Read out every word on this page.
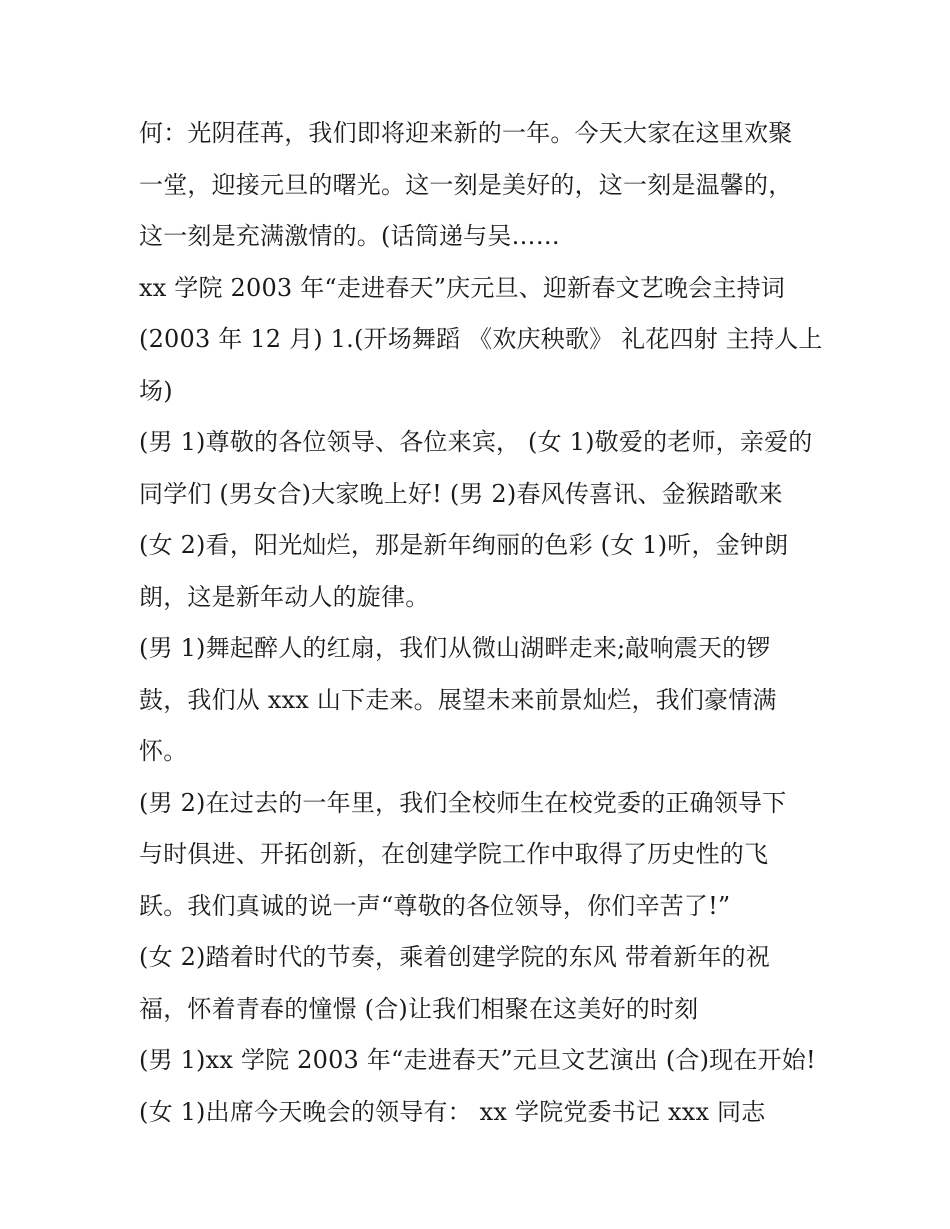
何：光阴荏苒，我们即将迎来新的一年。今天大家在这里欢聚
一堂，迎接元旦的曙光。这一刻是美好的，这一刻是温馨的，
这一刻是充满激情的。(话筒递与吴……
xx 学院 2003 年“走进春天”庆元旦、迎新春文艺晚会主持词
(2003 年 12 月) 1.(开场舞蹈 《欢庆秧歌》 礼花四射 主持人上
场)
(男 1)尊敬的各位领导、各位来宾， (女 1)敬爱的老师，亲爱的
同学们 (男女合)大家晚上好! (男 2)春风传喜讯、金猴踏歌来
(女 2)看，阳光灿烂，那是新年绚丽的色彩 (女 1)听，金钟朗
朗，这是新年动人的旋律。
(男 1)舞起醉人的红扇，我们从微山湖畔走来;敲响震天的锣
鼓，我们从 xxx 山下走来。展望未来前景灿烂，我们豪情满
怀。
(男 2)在过去的一年里，我们全校师生在校党委的正确领导下
与时俱进、开拓创新，在创建学院工作中取得了历史性的飞
跃。我们真诚的说一声“尊敬的各位领导，你们辛苦了!”
(女 2)踏着时代的节奏，乘着创建学院的东风 带着新年的祝
福，怀着青春的憧憬 (合)让我们相聚在这美好的时刻
(男 1)xx 学院 2003 年“走进春天”元旦文艺演出 (合)现在开始!
(女 1)出席今天晚会的领导有： xx 学院党委书记 xxx 同志
